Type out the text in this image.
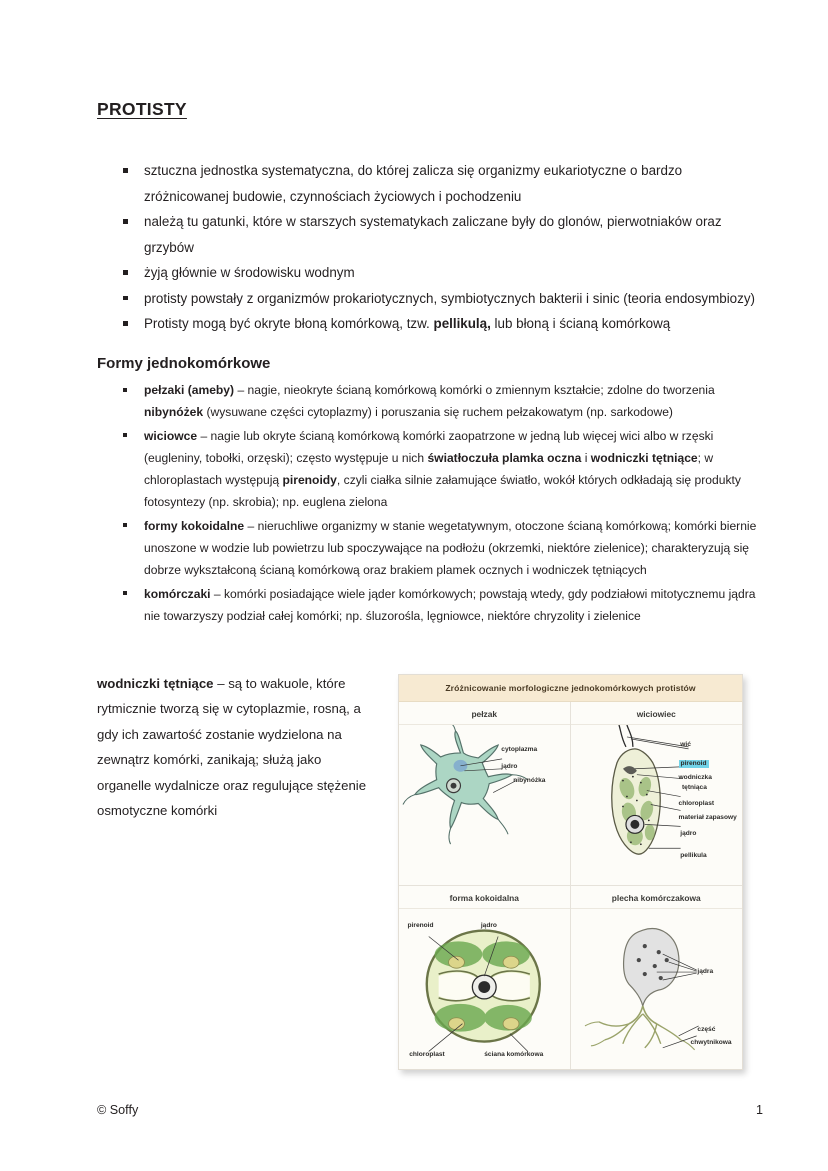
PROTISTY
sztuczna jednostka systematyczna, do której zalicza się organizmy eukariotyczne o bardzo zróżnicowanej budowie, czynnościach życiowych i pochodzeniu
należą tu gatunki, które w starszych systematykach zaliczane były do glonów, pierwotniaków oraz grzybów
żyją głównie w środowisku wodnym
protisty powstały z organizmów prokariotycznych, symbiotycznych bakterii i sinic (teoria endosymbiozy)
Protisty mogą być okryte błoną komórkową, tzw. pellikulą, lub błoną i ścianą komórkową
Formy jednokomórkowe
pełzaki (ameby) – nagie, nieokryte ścianą komórkową komórki o zmiennym kształcie; zdolne do tworzenia nibynóżek (wysuwane części cytoplazmy) i poruszania się ruchem pełzakowatym (np. sarkodowe)
wiciowce – nagie lub okryte ścianą komórkową komórki zaopatrzone w jedną lub więcej wici albo w rzęski (eugleniny, tobołki, orzęski); często występuje u nich światłoczuła plamka oczna i wodniczki tętniące; w chloroplastach występują pirenoidy, czyli ciałka silnie załamujące światło, wokół których odkładają się produkty fotosyntezy (np. skrobia); np. euglena zielona
formy kokoidalne – nieruchliwe organizmy w stanie wegetatywnym, otoczone ścianą komórkową; komórki biernie unoszone w wodzie lub powietrzu lub spoczywające na podłożu (okrzemki, niektóre zielenice); charakteryzują się dobrze wykształconą ścianą komórkową oraz brakiem plamek ocznych i wodniczek tętniących
komórczaki – komórki posiadające wiele jąder komórkowych; powstają wtedy, gdy podziałowi mitotycznemu jądra nie towarzyszy podział całej komórki; np. śluzorośla, lęgniowce, niektóre chryzolity i zielenice
wodniczki tętniące – są to wakuole, które rytmicznie tworzą się w cytoplazmie, rosną, a gdy ich zawartość zostanie wydzielona na zewnątrz komórki, zanikają; służą jako organelle wydalnicze oraz regulujące stężenie osmotyczne komórki
Zróżnicowanie morfologiczne jednokomórkowych protistów
pełzak
cytoplazma
jądro
nibynóżka
wiciowiec
wić
pirenoid
wodniczka
tętniąca
chloroplast
materiał zapasowy
jądro
pellikula
forma kokoidalna
pirenoid	jądro
chloroplast	ściana komórkowa
plecha komórczakowa
jądra
część
chwytnikowa
© Soffy	1
